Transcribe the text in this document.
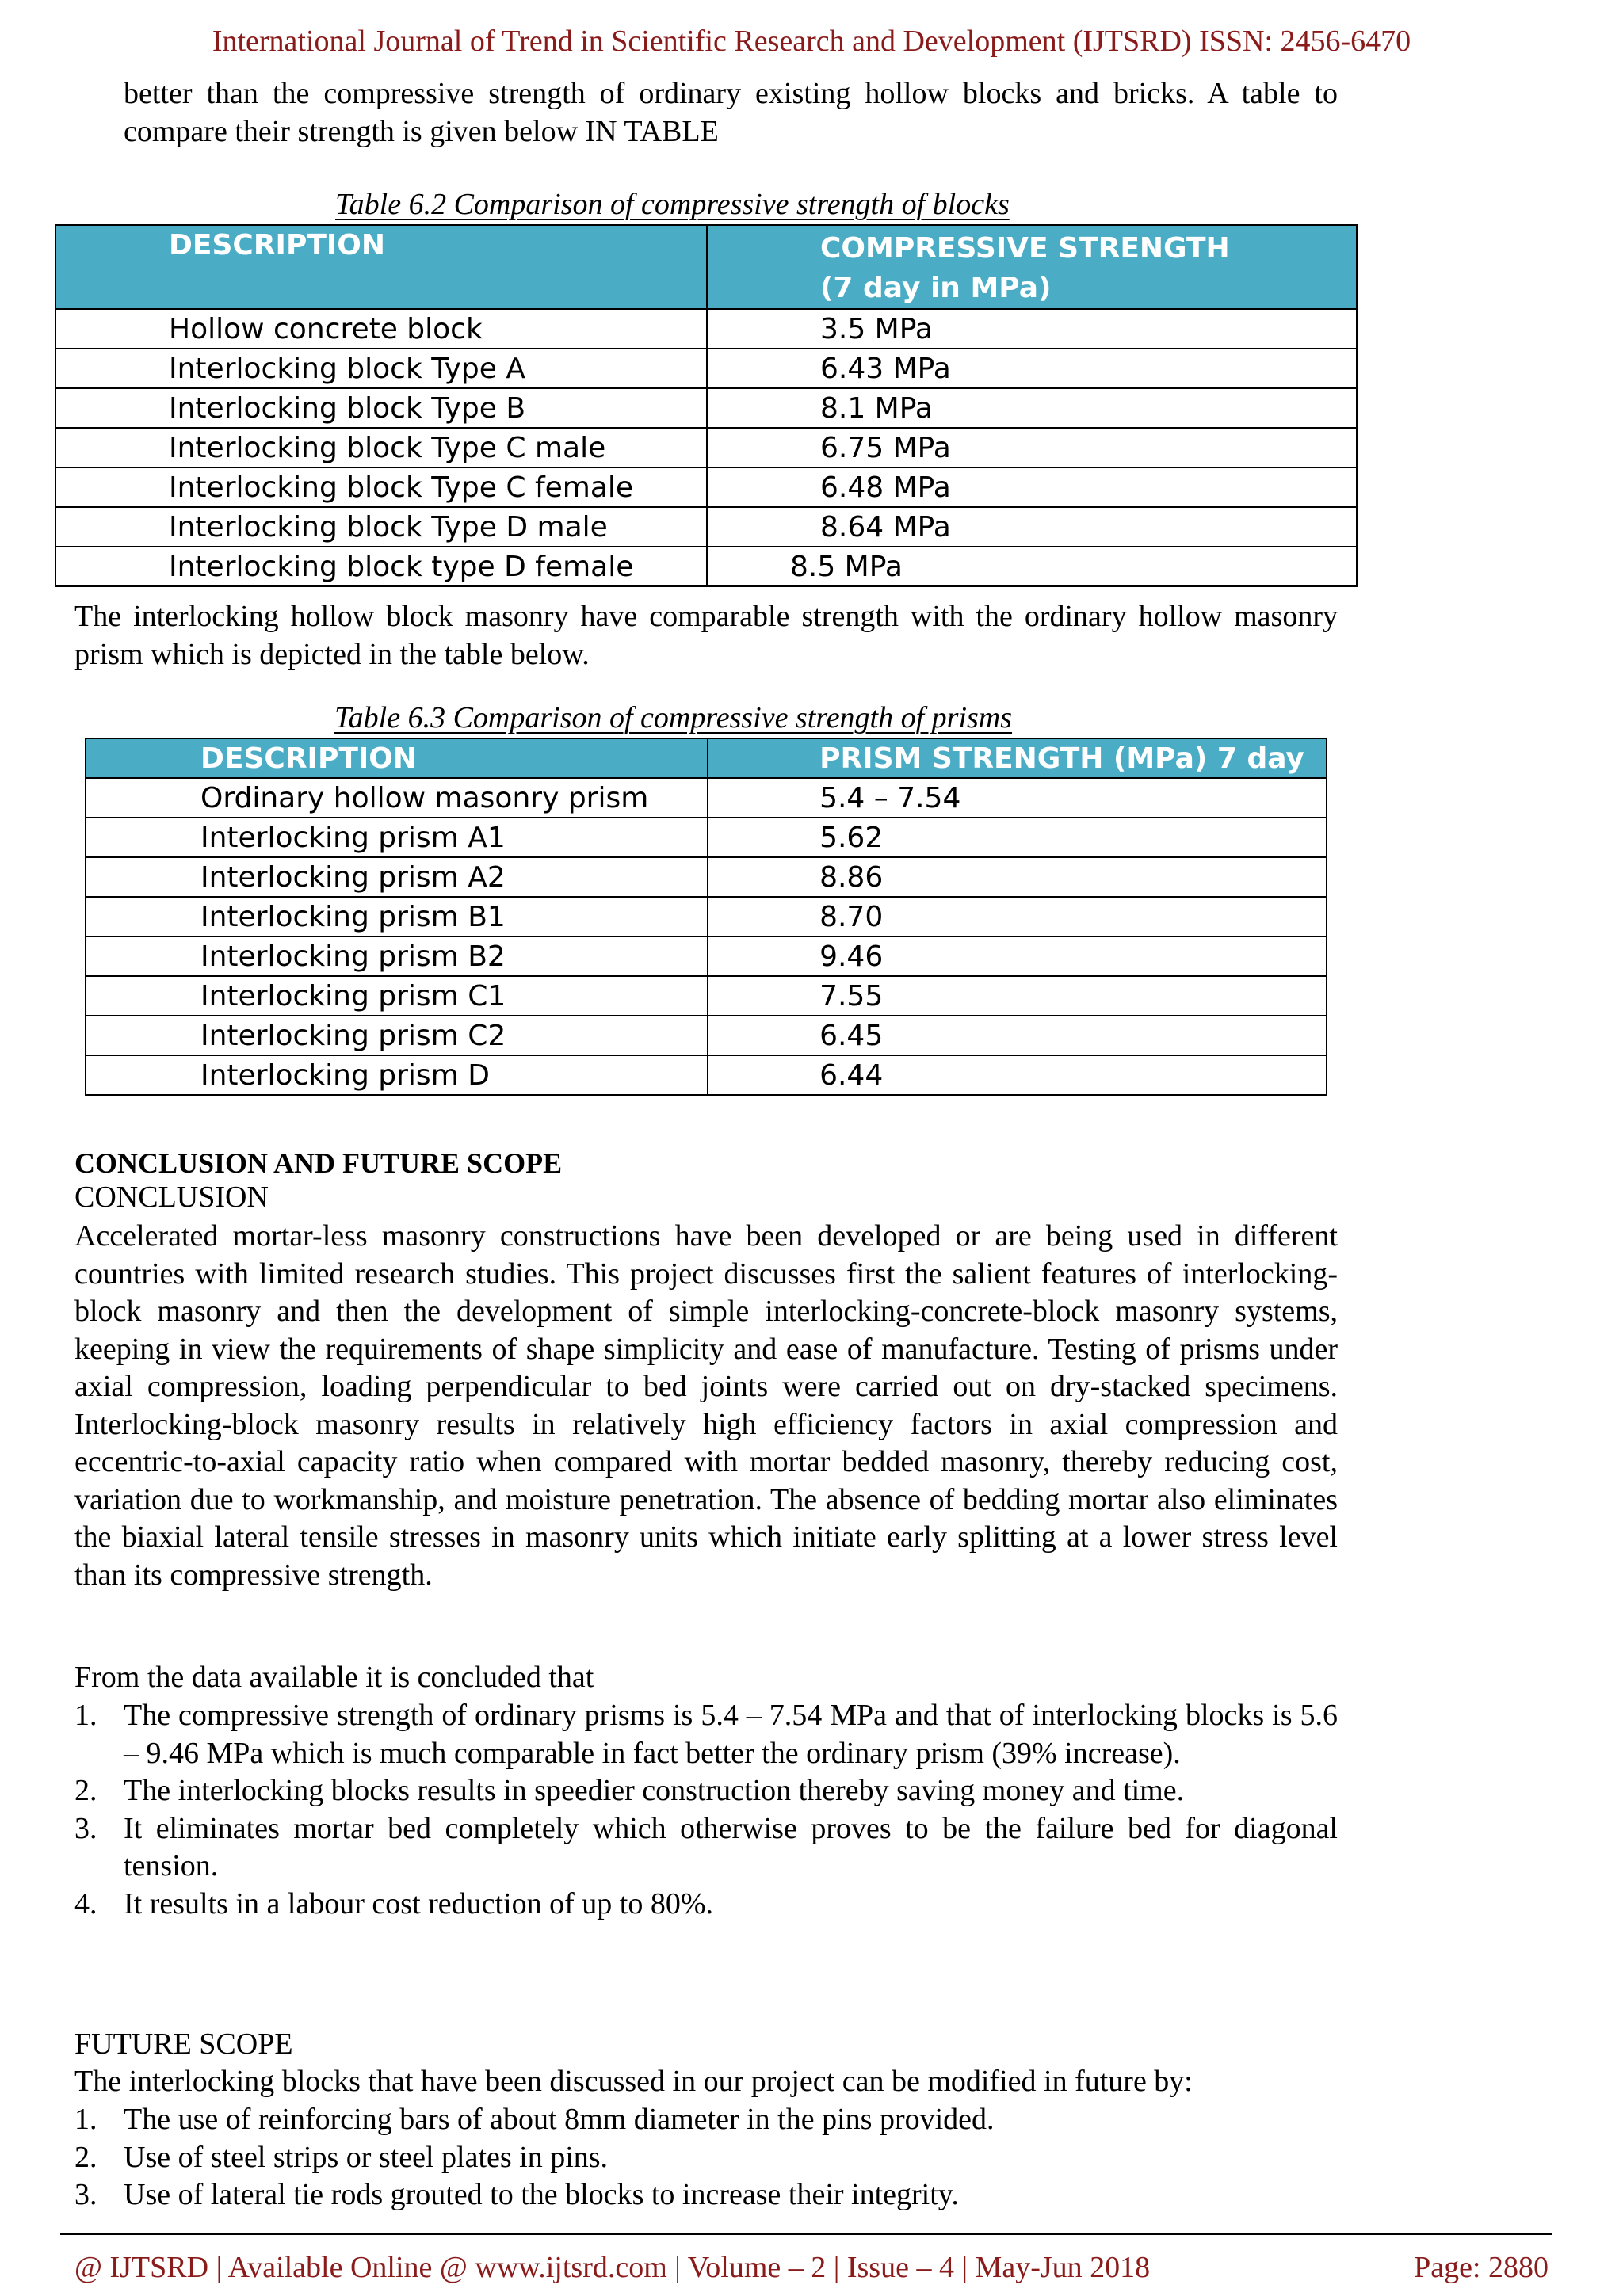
International Journal of Trend in Scientific Research and Development (IJTSRD) ISSN: 2456-6470
better than the compressive strength of ordinary existing hollow blocks and bricks. A table to compare their strength is given below IN TABLE
Table 6.2 Comparison of compressive strength of blocks
DESCRIPTION	COMPRESSIVE STRENGTH
(7 day in MPa)
Hollow concrete block	3.5 MPa
Interlocking block Type A	6.43 MPa
Interlocking block Type B	8.1 MPa
Interlocking block Type C male	6.75 MPa
Interlocking block Type C female	6.48 MPa
Interlocking block Type D male	8.64 MPa
Interlocking block type D female	8.5 MPa
The interlocking hollow block masonry have comparable strength with the ordinary hollow masonry prism which is depicted in the table below.
Table 6.3 Comparison of compressive strength of prisms
DESCRIPTION	PRISM STRENGTH (MPa) 7 day
Ordinary hollow masonry prism	5.4 – 7.54
Interlocking prism A1	5.62
Interlocking prism A2	8.86
Interlocking prism B1	8.70
Interlocking prism B2	9.46
Interlocking prism C1	7.55
Interlocking prism C2	6.45
Interlocking prism D	6.44
CONCLUSION AND FUTURE SCOPE
CONCLUSION
Accelerated mortar-less masonry constructions have been developed or are being used in different countries with limited research studies. This project discusses first the salient features of interlocking-block masonry and then the development of simple interlocking-concrete-block masonry systems, keeping in view the requirements of shape simplicity and ease of manufacture. Testing of prisms under axial compression, loading perpendicular to bed joints were carried out on dry-stacked specimens. Interlocking-block masonry results in relatively high efficiency factors in axial compression and eccentric-to-axial capacity ratio when compared with mortar bedded masonry, thereby reducing cost, variation due to workmanship, and moisture penetration. The absence of bedding mortar also eliminates the biaxial lateral tensile stresses in masonry units which initiate early splitting at a lower stress level than its compressive strength.
From the data available it is concluded that
1. The compressive strength of ordinary prisms is 5.4 – 7.54 MPa and that of interlocking blocks is 5.6 – 9.46 MPa which is much comparable in fact better the ordinary prism (39% increase).
2. The interlocking blocks results in speedier construction thereby saving money and time.
3. It eliminates mortar bed completely which otherwise proves to be the failure bed for diagonal tension.
4. It results in a labour cost reduction of up to 80%.
FUTURE SCOPE
The interlocking blocks that have been discussed in our project can be modified in future by:
1. The use of reinforcing bars of about 8mm diameter in the pins provided.
2. Use of steel strips or steel plates in pins.
3. Use of lateral tie rods grouted to the blocks to increase their integrity.
@ IJTSRD | Available Online @ www.ijtsrd.com | Volume – 2 | Issue – 4 | May-Jun 2018	Page: 2880
